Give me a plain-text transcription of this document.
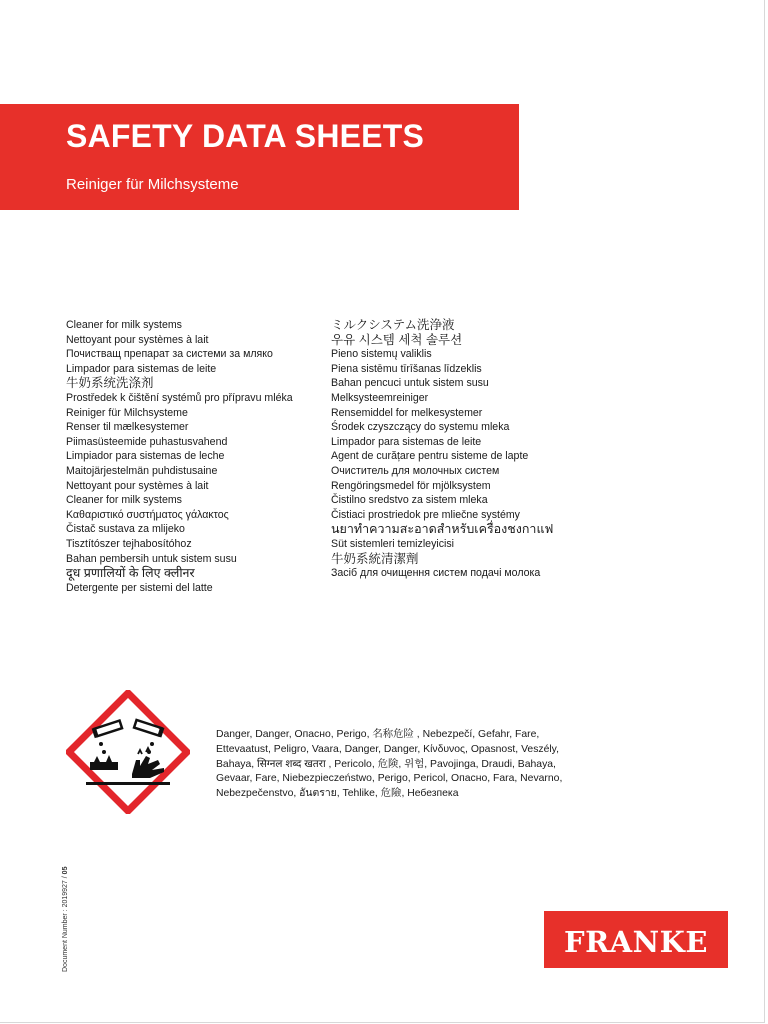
SAFETY DATA SHEETS
Reiniger für Milchsysteme
Cleaner for milk systems
Nettoyant pour systèmes à lait
Почистващ препарат за системи за мляко
Limpador para sistemas de leite
牛奶系统洗涤剂
Prostředek k čištění systémů pro přípravu mléka
Reiniger für Milchsysteme
Renser til mælkesystemer
Piimasüsteemide puhastusvahend
Limpiador para sistemas de leche
Maitojärjestelmän puhdistusaine
Nettoyant pour systèmes à lait
Cleaner for milk systems
Καθαριστικό συστήματος γάλακτος
Čistač sustava za mlijeko
Tisztítószer tejhabosítóhoz
Bahan pembersih untuk sistem susu
दूध प्रणालियों के लिए क्लीनर
Detergente per sistemi del latte
ミルクシステム洗浄液
우유 시스템 세척 솔루션
Pieno sistemų valiklis
Piena sistēmu tīrīšanas līdzeklis
Bahan pencuci untuk sistem susu
Melksysteemreiniger
Rensemiddel for melkesystemer
Środek czyszczący do systemu mleka
Limpador para sistemas de leite
Agent de curățare pentru sisteme de lapte
Очиститель для молочных систем
Rengöringsmedel för mjölksystem
Čistilno sredstvo za sistem mleka
Čistiaci prostriedok pre mliečne systémy
นยาทำความสะอาดสำหรับเครื่องชงกาแฟ
Süt sistemleri temizleyicisi
牛奶系統清潔劑
Засіб для очищення систем подачі молока
Danger, Danger, Опасно, Perigo, 名称危险 , Nebezpečí, Gefahr, Fare, Ettevaatust, Peligro, Vaara, Danger, Danger, Κίνδυνος, Opasnost, Veszély, Bahaya, सिग्नल शब्द खतरा , Pericolo, 危険, 위험, Pavojinga, Draudi, Bahaya, Gevaar, Fare, Niebezpieczeństwo, Perigo, Pericol, Опасно, Fara, Nevarno, Nebezpečenstvo, อันตราย, Tehlike, 危險, Небезпека
Document Number : 2019927 / 05
FRANKE
